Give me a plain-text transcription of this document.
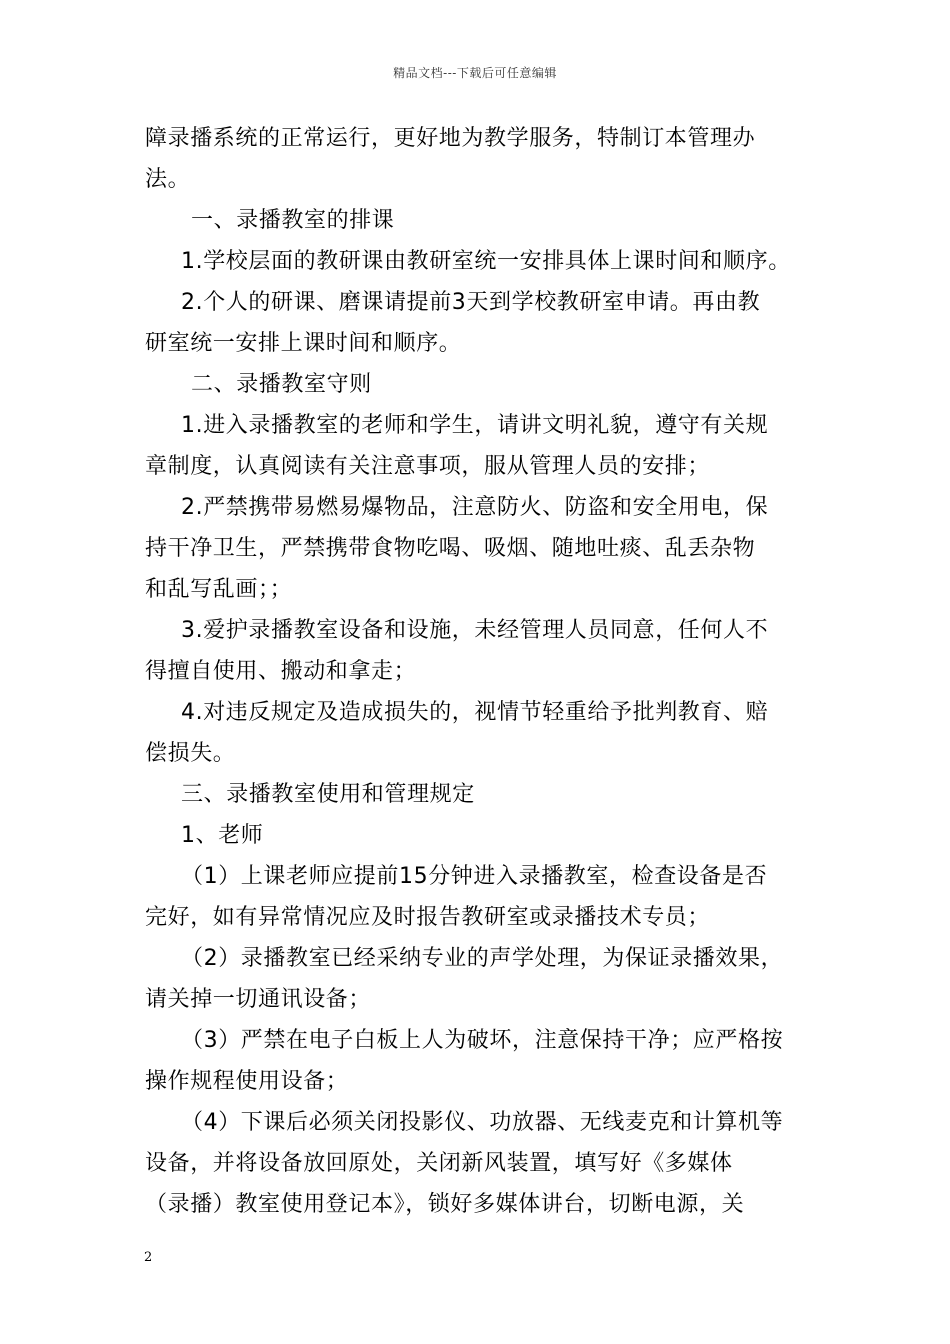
精品文档---下载后可任意编辑
障录播系统的正常运行，更好地为教学服务，特制订本管理办
法。
一、录播教室的排课
1.学校层面的教研课由教研室统一安排具体上课时间和顺序。
2.个人的研课、磨课请提前3天到学校教研室申请。再由教
研室统一安排上课时间和顺序。
二、录播教室守则
1.进入录播教室的老师和学生，请讲文明礼貌，遵守有关规
章制度，认真阅读有关注意事项，服从管理人员的安排；
2.严禁携带易燃易爆物品，注意防火、防盗和安全用电，保
持干净卫生，严禁携带食物吃喝、吸烟、随地吐痰、乱丢杂物
和乱写乱画；；
3.爱护录播教室设备和设施，未经管理人员同意，任何人不
得擅自使用、搬动和拿走；
4.对违反规定及造成损失的，视情节轻重给予批判教育、赔
偿损失。
三、录播教室使用和管理规定
1、老师
（1）上课老师应提前15分钟进入录播教室，检查设备是否
完好，如有异常情况应及时报告教研室或录播技术专员；
（2）录播教室已经采纳专业的声学处理，为保证录播效果，
请关掉一切通讯设备；
（3）严禁在电子白板上人为破坏，注意保持干净；应严格按
操作规程使用设备；
（4）下课后必须关闭投影仪、功放器、无线麦克和计算机等
设备，并将设备放回原处，关闭新风装置，填写好《多媒体
（录播）教室使用登记本》，锁好多媒体讲台，切断电源，关
2
